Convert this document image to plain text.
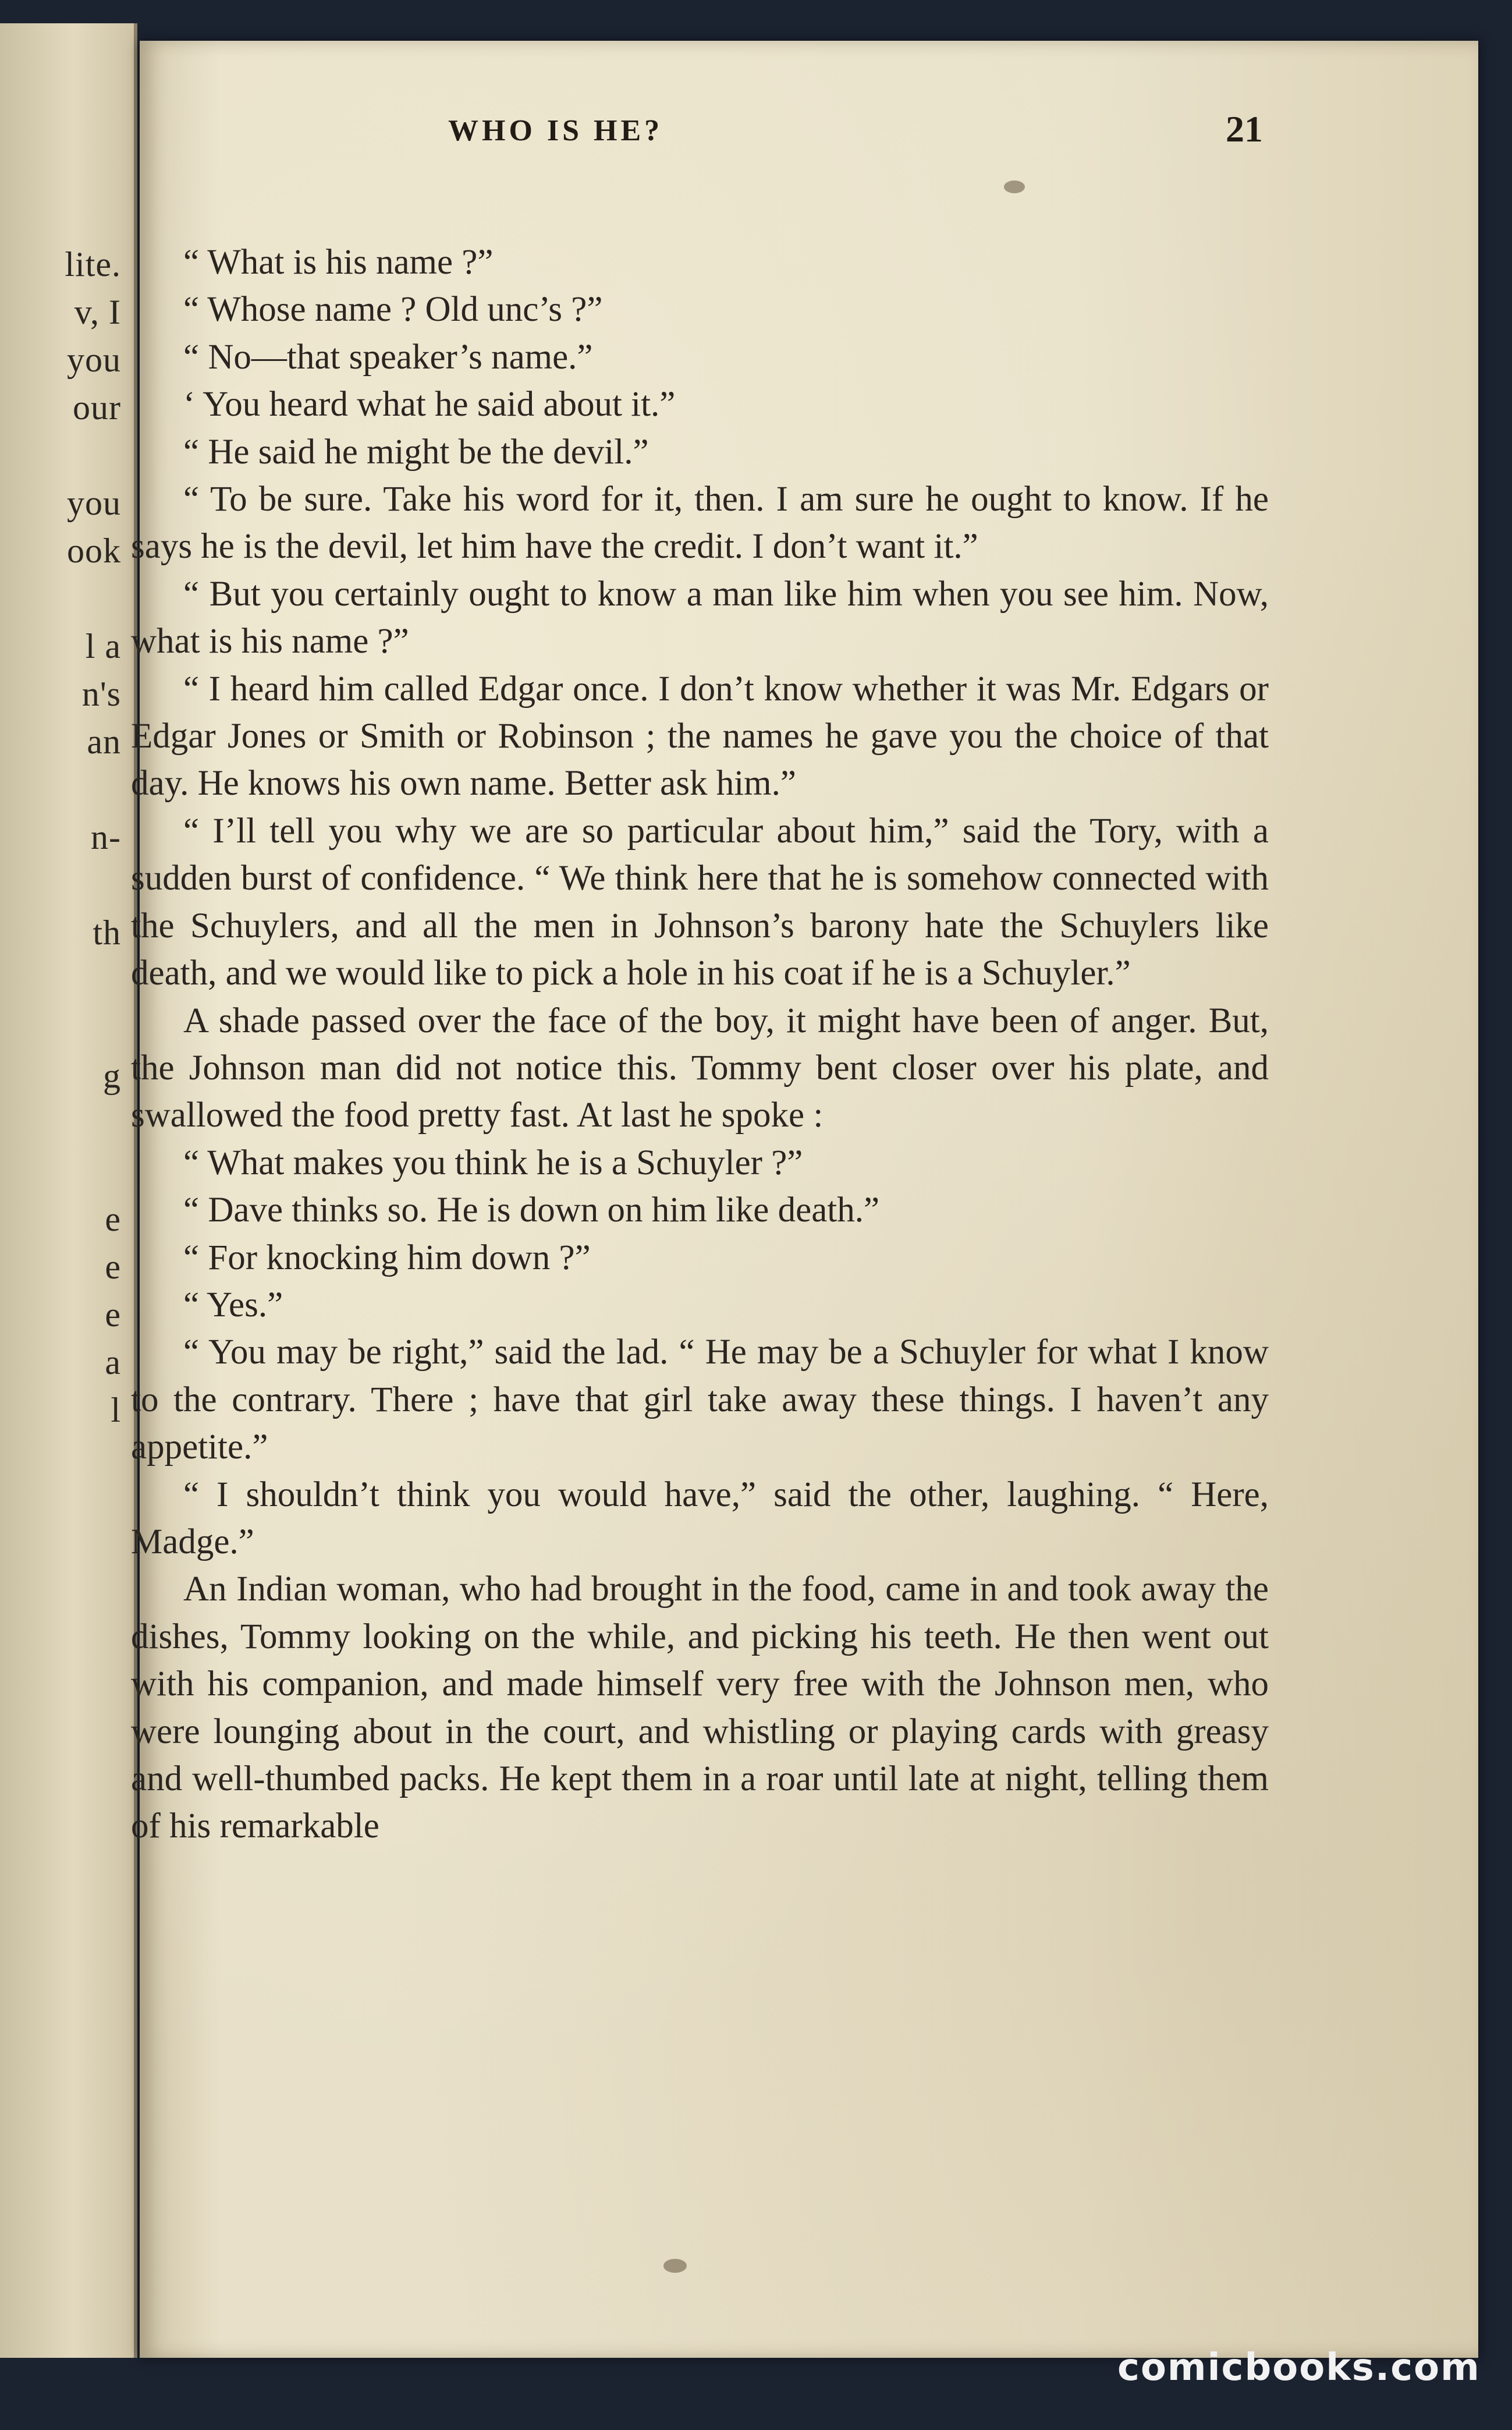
lite.
v, I
you
our
you
ook
l a
n's
an
n-
th
g
e
e
e
a
l
WHO IS HE?	21

“ What is his name ?”

“ Whose name ? Old unc’s ?”

“ No—that speaker’s name.”

‘ You heard what he said about it.”

“ He said he might be the devil.”

“ To be sure. Take his word for it, then. I am sure he ought to know. If he says he is the devil, let him have the credit. I don’t want it.”

“ But you certainly ought to know a man like him when you see him. Now, what is his name ?”

“ I heard him called Edgar once. I don’t know whether it was Mr. Edgars or Edgar Jones or Smith or Robinson ; the names he gave you the choice of that day. He knows his own name. Better ask him.”

“ I’ll tell you why we are so particular about him,” said the Tory, with a sudden burst of confidence. “ We think here that he is somehow connected with the Schuylers, and all the men in Johnson’s barony hate the Schuylers like death, and we would like to pick a hole in his coat if he is a Schuyler.”

A shade passed over the face of the boy, it might have been of anger. But, the Johnson man did not notice this. Tommy bent closer over his plate, and swallowed the food pretty fast. At last he spoke :

“ What makes you think he is a Schuyler ?”

“ Dave thinks so. He is down on him like death.”

“ For knocking him down ?”

“ Yes.”

“ You may be right,” said the lad. “ He may be a Schuyler for what I know to the contrary. There ; have that girl take away these things. I haven’t any appetite.”

“ I shouldn’t think you would have,” said the other, laughing. “ Here, Madge.”

An Indian woman, who had brought in the food, came in and took away the dishes, Tommy looking on the while, and picking his teeth. He then went out with his companion, and made himself very free with the Johnson men, who were lounging about in the court, and whistling or playing cards with greasy and well-thumbed packs. He kept them in a roar until late at night, telling them of his remarkable

comicbooks.com
